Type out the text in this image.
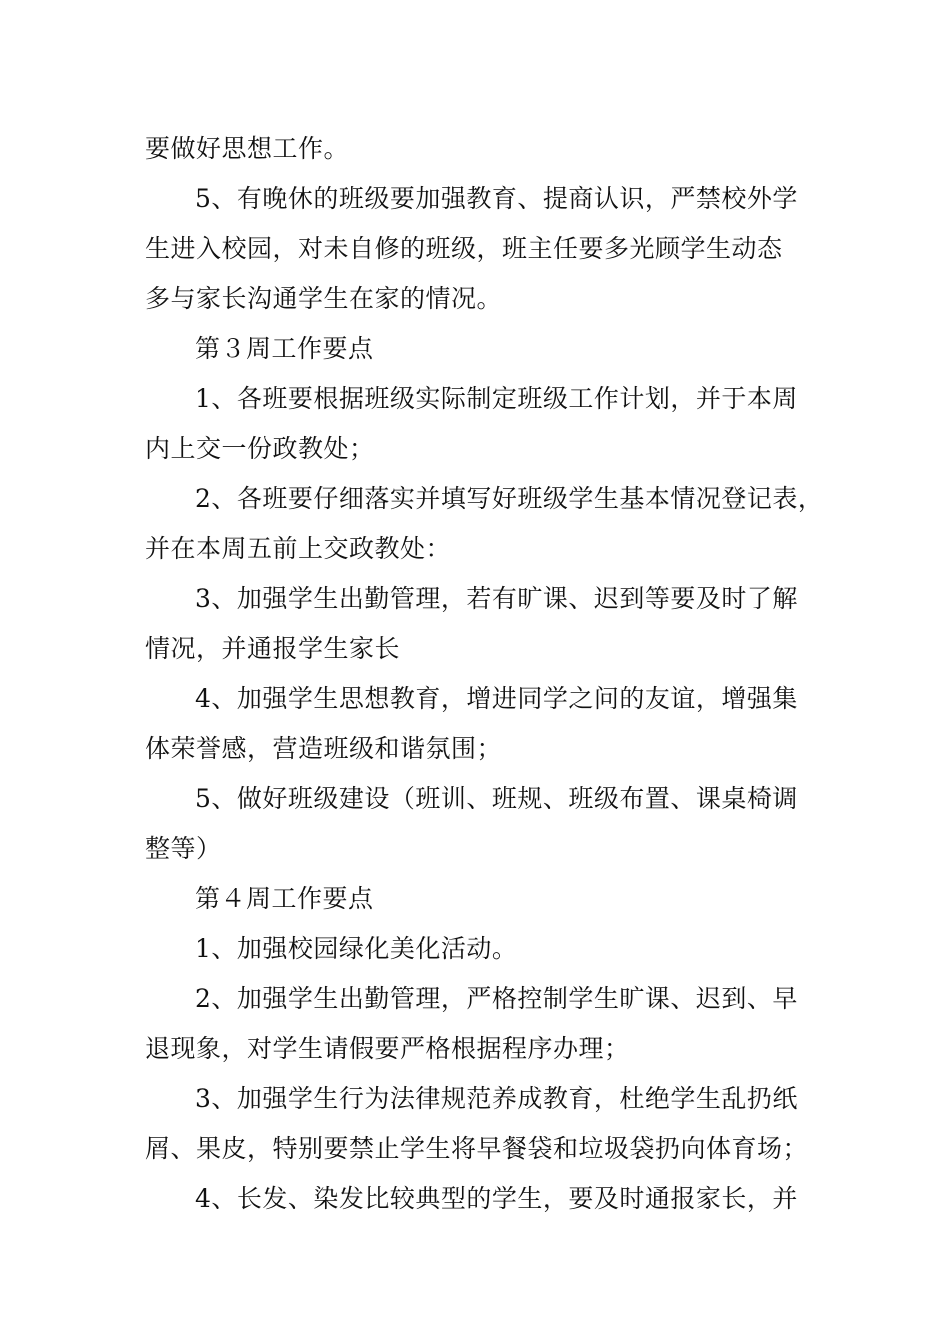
要做好思想工作。
5、有晚休的班级要加强教育、提商认识，严禁校外学
生进入校园，对未自修的班级，班主任要多光顾学生动态
多与家长沟通学生在家的情况。
第３周工作要点
1、各班要根据班级实际制定班级工作计划，并于本周
内上交一份政教处；
2、各班要仔细落实并填写好班级学生基本情况登记表，
并在本周五前上交政教处：
3、加强学生出勤管理，若有旷课、迟到等要及时了解
情况，并通报学生家长
4、加强学生思想教育，增进同学之问的友谊，增强集
体荣誉感，营造班级和谐氛围；
5、做好班级建设（班训、班规、班级布置、课桌椅调
整等）
第４周工作要点
1、加强校园绿化美化活动。
2、加强学生出勤管理，严格控制学生旷课、迟到、早
退现象，对学生请假要严格根据程序办理；
3、加强学生行为法律规范养成教育，杜绝学生乱扔纸
屑、果皮，特别要禁止学生将早餐袋和垃圾袋扔向体育场；
4、长发、染发比较典型的学生，要及时通报家长，并
